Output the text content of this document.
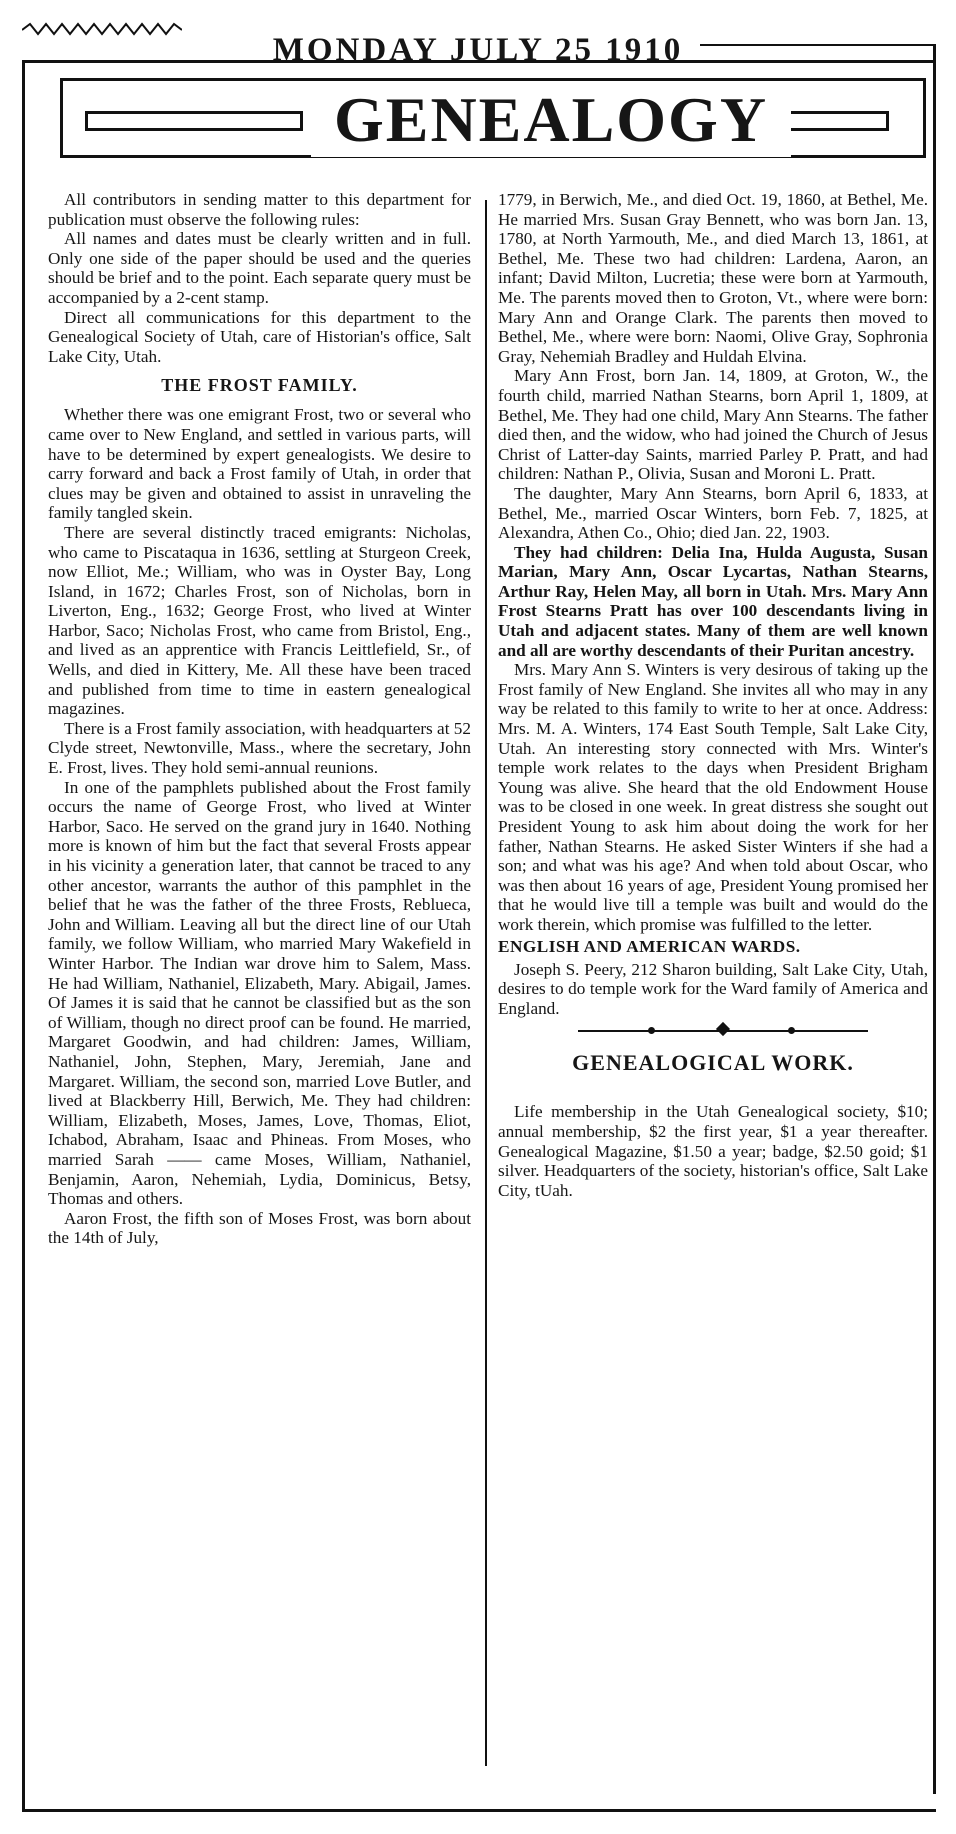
MONDAY JULY 25 1910
GENEALOGY

All contributors in sending matter to this department for publication must observe the following rules:

All names and dates must be clearly written and in full. Only one side of the paper should be used and the queries should be brief and to the point. Each separate query must be accompanied by a 2-cent stamp.

Direct all communications for this department to the Genealogical Society of Utah, care of Historian's office, Salt Lake City, Utah.

THE FROST FAMILY.

Whether there was one emigrant Frost, two or several who came over to New England, and settled in various parts, will have to be determined by expert genealogists. We desire to carry forward and back a Frost family of Utah, in order that clues may be given and obtained to assist in unraveling the family tangled skein.

There are several distinctly traced emigrants: Nicholas, who came to Piscataqua in 1636, settling at Sturgeon Creek, now Elliot, Me.; William, who was in Oyster Bay, Long Island, in 1672; Charles Frost, son of Nicholas, born in Liverton, Eng., 1632; George Frost, who lived at Winter Harbor, Saco; Nicholas Frost, who came from Bristol, Eng., and lived as an apprentice with Francis Leittlefield, Sr., of Wells, and died in Kittery, Me. All these have been traced and published from time to time in eastern genealogical magazines.

There is a Frost family association, with headquarters at 52 Clyde street, Newtonville, Mass., where the secretary, John E. Frost, lives. They hold semi-annual reunions.

In one of the pamphlets published about the Frost family occurs the name of George Frost, who lived at Winter Harbor, Saco. He served on the grand jury in 1640. Nothing more is known of him but the fact that several Frosts appear in his vicinity a generation later, that cannot be traced to any other ancestor, warrants the author of this pamphlet in the belief that he was the father of the three Frosts, Reblueca, John and William. Leaving all but the direct line of our Utah family, we follow William, who married Mary Wakefield in Winter Harbor. The Indian war drove him to Salem, Mass. He had William, Nathaniel, Elizabeth, Mary. Abigail, James. Of James it is said that he cannot be classified but as the son of William, though no direct proof can be found. He married, Margaret Goodwin, and had children: James, William, Nathaniel, John, Stephen, Mary, Jeremiah, Jane and Margaret. William, the second son, married Love Butler, and lived at Blackberry Hill, Berwich, Me. They had children: William, Elizabeth, Moses, James, Love, Thomas, Eliot, Ichabod, Abraham, Isaac and Phineas. From Moses, who married Sarah —— came Moses, William, Nathaniel, Benjamin, Aaron, Nehemiah, Lydia, Dominicus, Betsy, Thomas and others.

Aaron Frost, the fifth son of Moses Frost, was born about the 14th of July,

1779, in Berwich, Me., and died Oct. 19, 1860, at Bethel, Me. He married Mrs. Susan Gray Bennett, who was born Jan. 13, 1780, at North Yarmouth, Me., and died March 13, 1861, at Bethel, Me. These two had children: Lardena, Aaron, an infant; David Milton, Lucretia; these were born at Yarmouth, Me. The parents moved then to Groton, Vt., where were born: Mary Ann and Orange Clark. The parents then moved to Bethel, Me., where were born: Naomi, Olive Gray, Sophronia Gray, Nehemiah Bradley and Huldah Elvina.

Mary Ann Frost, born Jan. 14, 1809, at Groton, W., the fourth child, married Nathan Stearns, born April 1, 1809, at Bethel, Me. They had one child, Mary Ann Stearns. The father died then, and the widow, who had joined the Church of Jesus Christ of Latter-day Saints, married Parley P. Pratt, and had children: Nathan P., Olivia, Susan and Moroni L. Pratt.

The daughter, Mary Ann Stearns, born April 6, 1833, at Bethel, Me., married Oscar Winters, born Feb. 7, 1825, at Alexandra, Athen Co., Ohio; died Jan. 22, 1903.

They had children: Delia Ina, Hulda Augusta, Susan Marian, Mary Ann, Oscar Lycartas, Nathan Stearns, Arthur Ray, Helen May, all born in Utah. Mrs. Mary Ann Frost Stearns Pratt has over 100 descendants living in Utah and adjacent states. Many of them are well known and all are worthy descendants of their Puritan ancestry.

Mrs. Mary Ann S. Winters is very desirous of taking up the Frost family of New England. She invites all who may in any way be related to this family to write to her at once. Address: Mrs. M. A. Winters, 174 East South Temple, Salt Lake City, Utah. An interesting story connected with Mrs. Winter's temple work relates to the days when President Brigham Young was alive. She heard that the old Endowment House was to be closed in one week. In great distress she sought out President Young to ask him about doing the work for her father, Nathan Stearns. He asked Sister Winters if she had a son; and what was his age? And when told about Oscar, who was then about 16 years of age, President Young promised her that he would live till a temple was built and would do the work therein, which promise was fulfilled to the letter.

ENGLISH AND AMERICAN WARDS.

Joseph S. Peery, 212 Sharon building, Salt Lake City, Utah, desires to do temple work for the Ward family of America and England.

GENEALOGICAL WORK.

Life membership in the Utah Genealogical society, $10; annual membership, $2 the first year, $1 a year thereafter. Genealogical Magazine, $1.50 a year; badge, $2.50 goid; $1 silver. Headquarters of the society, historian's office, Salt Lake City, tUah.
